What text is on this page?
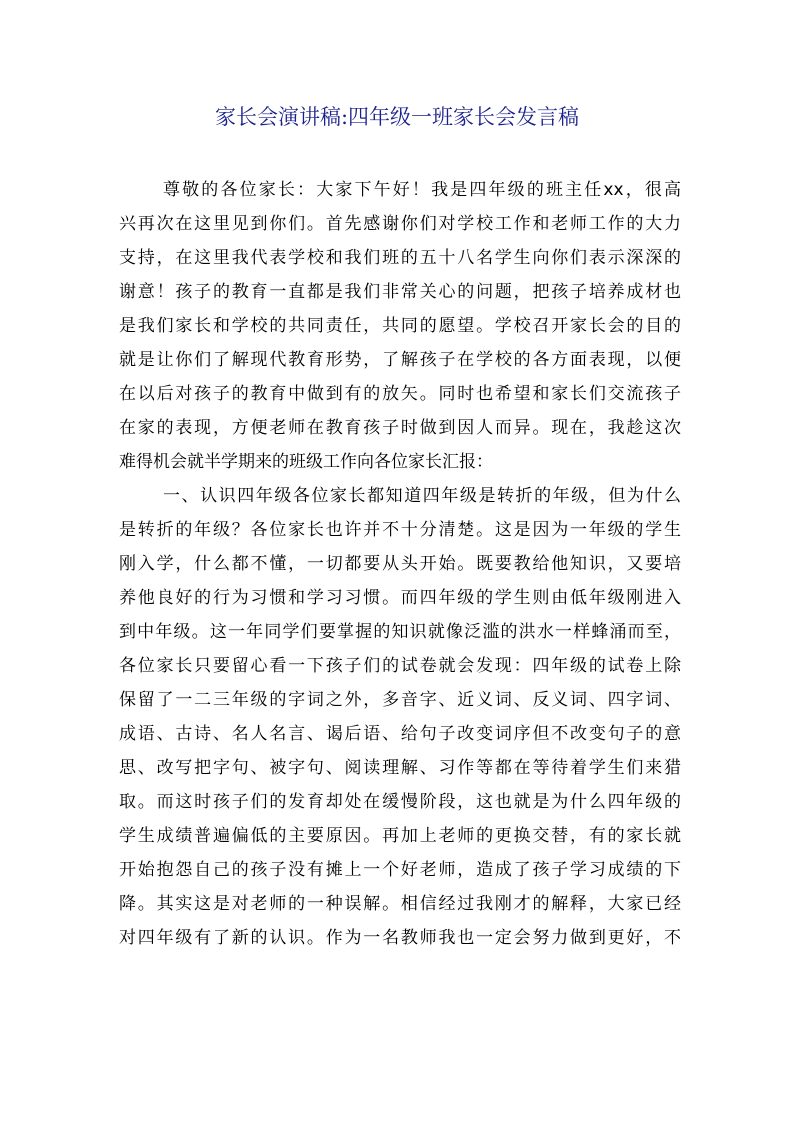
家长会演讲稿:四年级一班家长会发言稿
尊敬的各位家长：大家下午好！我是四年级的班主任xx，很高
兴再次在这里见到你们。首先感谢你们对学校工作和老师工作的大力
支持，在这里我代表学校和我们班的五十八名学生向你们表示深深的
谢意！孩子的教育一直都是我们非常关心的问题，把孩子培养成材也
是我们家长和学校的共同责任，共同的愿望。学校召开家长会的目的
就是让你们了解现代教育形势，了解孩子在学校的各方面表现，以便
在以后对孩子的教育中做到有的放矢。同时也希望和家长们交流孩子
在家的表现，方便老师在教育孩子时做到因人而异。现在，我趁这次
难得机会就半学期来的班级工作向各位家长汇报：
一、认识四年级各位家长都知道四年级是转折的年级，但为什么
是转折的年级？各位家长也许并不十分清楚。这是因为一年级的学生
刚入学，什么都不懂，一切都要从头开始。既要教给他知识，又要培
养他良好的行为习惯和学习习惯。而四年级的学生则由低年级刚进入
到中年级。这一年同学们要掌握的知识就像泛滥的洪水一样蜂涌而至，
各位家长只要留心看一下孩子们的试卷就会发现：四年级的试卷上除
保留了一二三年级的字词之外，多音字、近义词、反义词、四字词、
成语、古诗、名人名言、谒后语、给句子改变词序但不改变句子的意
思、改写把字句、被字句、阅读理解、习作等都在等待着学生们来猎
取。而这时孩子们的发育却处在缓慢阶段，这也就是为什么四年级的
学生成绩普遍偏低的主要原因。再加上老师的更换交替，有的家长就
开始抱怨自己的孩子没有摊上一个好老师，造成了孩子学习成绩的下
降。其实这是对老师的一种误解。相信经过我刚才的解释，大家已经
对四年级有了新的认识。作为一名教师我也一定会努力做到更好，不
